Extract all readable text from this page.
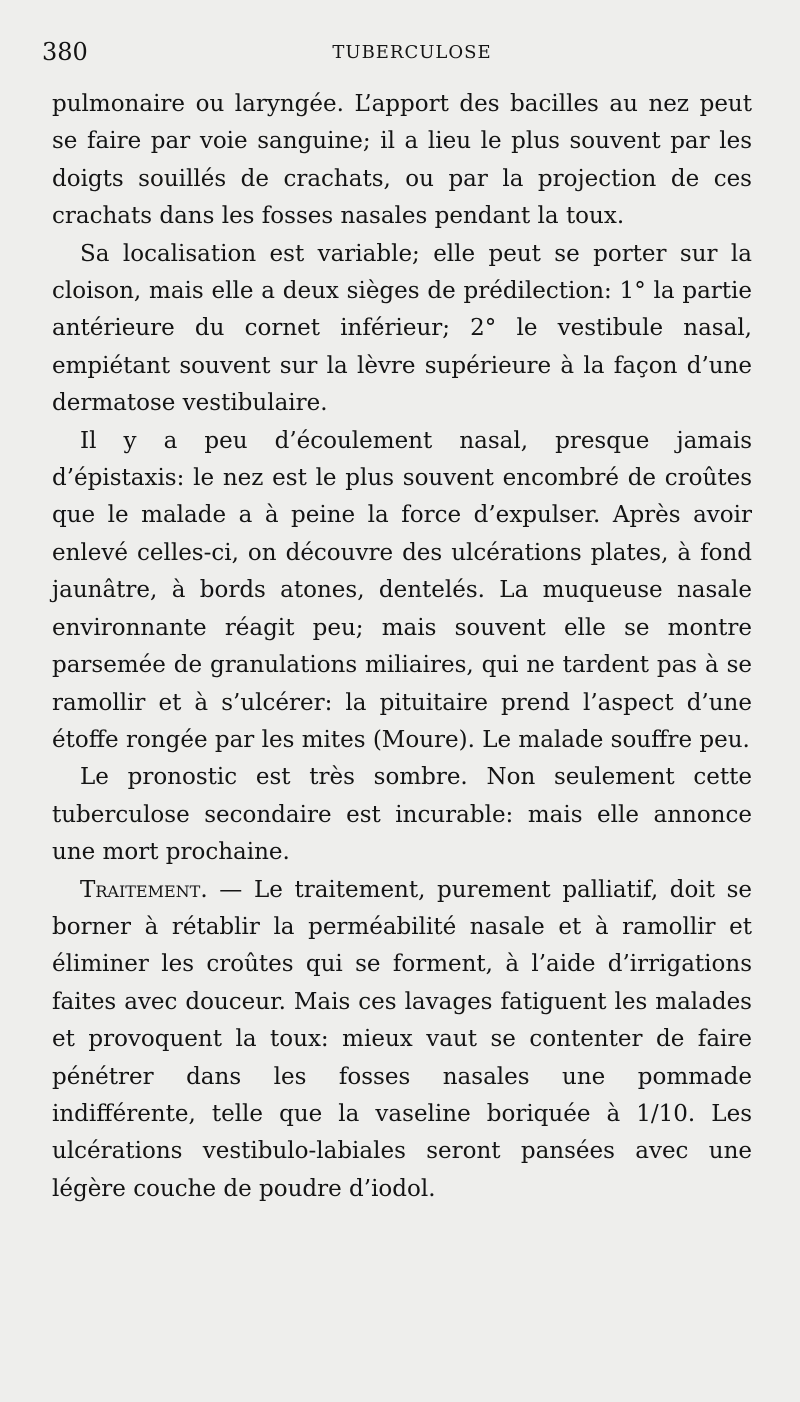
380	TUBERCULOSE

pulmonaire ou laryngée. L’apport des bacilles au nez peut se faire par voie sanguine; il a lieu le plus souvent par les doigts souillés de crachats, ou par la projection de ces crachats dans les fosses nasales pendant la toux.

Sa localisation est variable; elle peut se porter sur la cloison, mais elle a deux sièges de prédilection: 1° la partie antérieure du cornet inférieur; 2° le vestibule nasal, empiétant souvent sur la lèvre supérieure à la façon d’une dermatose vestibulaire.

Il y a peu d’écoulement nasal, presque jamais d’épistaxis: le nez est le plus souvent encombré de croûtes que le malade a à peine la force d’expulser. Après avoir enlevé celles-ci, on découvre des ulcérations plates, à fond jaunâtre, à bords atones, dentelés. La muqueuse nasale environnante réagit peu; mais souvent elle se montre parsemée de granulations miliaires, qui ne tardent pas à se ramollir et à s’ulcérer: la pituitaire prend l’aspect d’une étoffe rongée par les mites (Moure). Le malade souffre peu.

Le pronostic est très sombre. Non seulement cette tuberculose secondaire est incurable: mais elle annonce une mort prochaine.

Traitement. — Le traitement, purement palliatif, doit se borner à rétablir la perméabilité nasale et à ramollir et éliminer les croûtes qui se forment, à l’aide d’irrigations faites avec douceur. Mais ces lavages fatiguent les malades et provoquent la toux: mieux vaut se contenter de faire pénétrer dans les fosses nasales une pommade indifférente, telle que la vaseline boriquée à 1/10. Les ulcérations vestibulo-labiales seront pansées avec une légère couche de poudre d’iodol.
